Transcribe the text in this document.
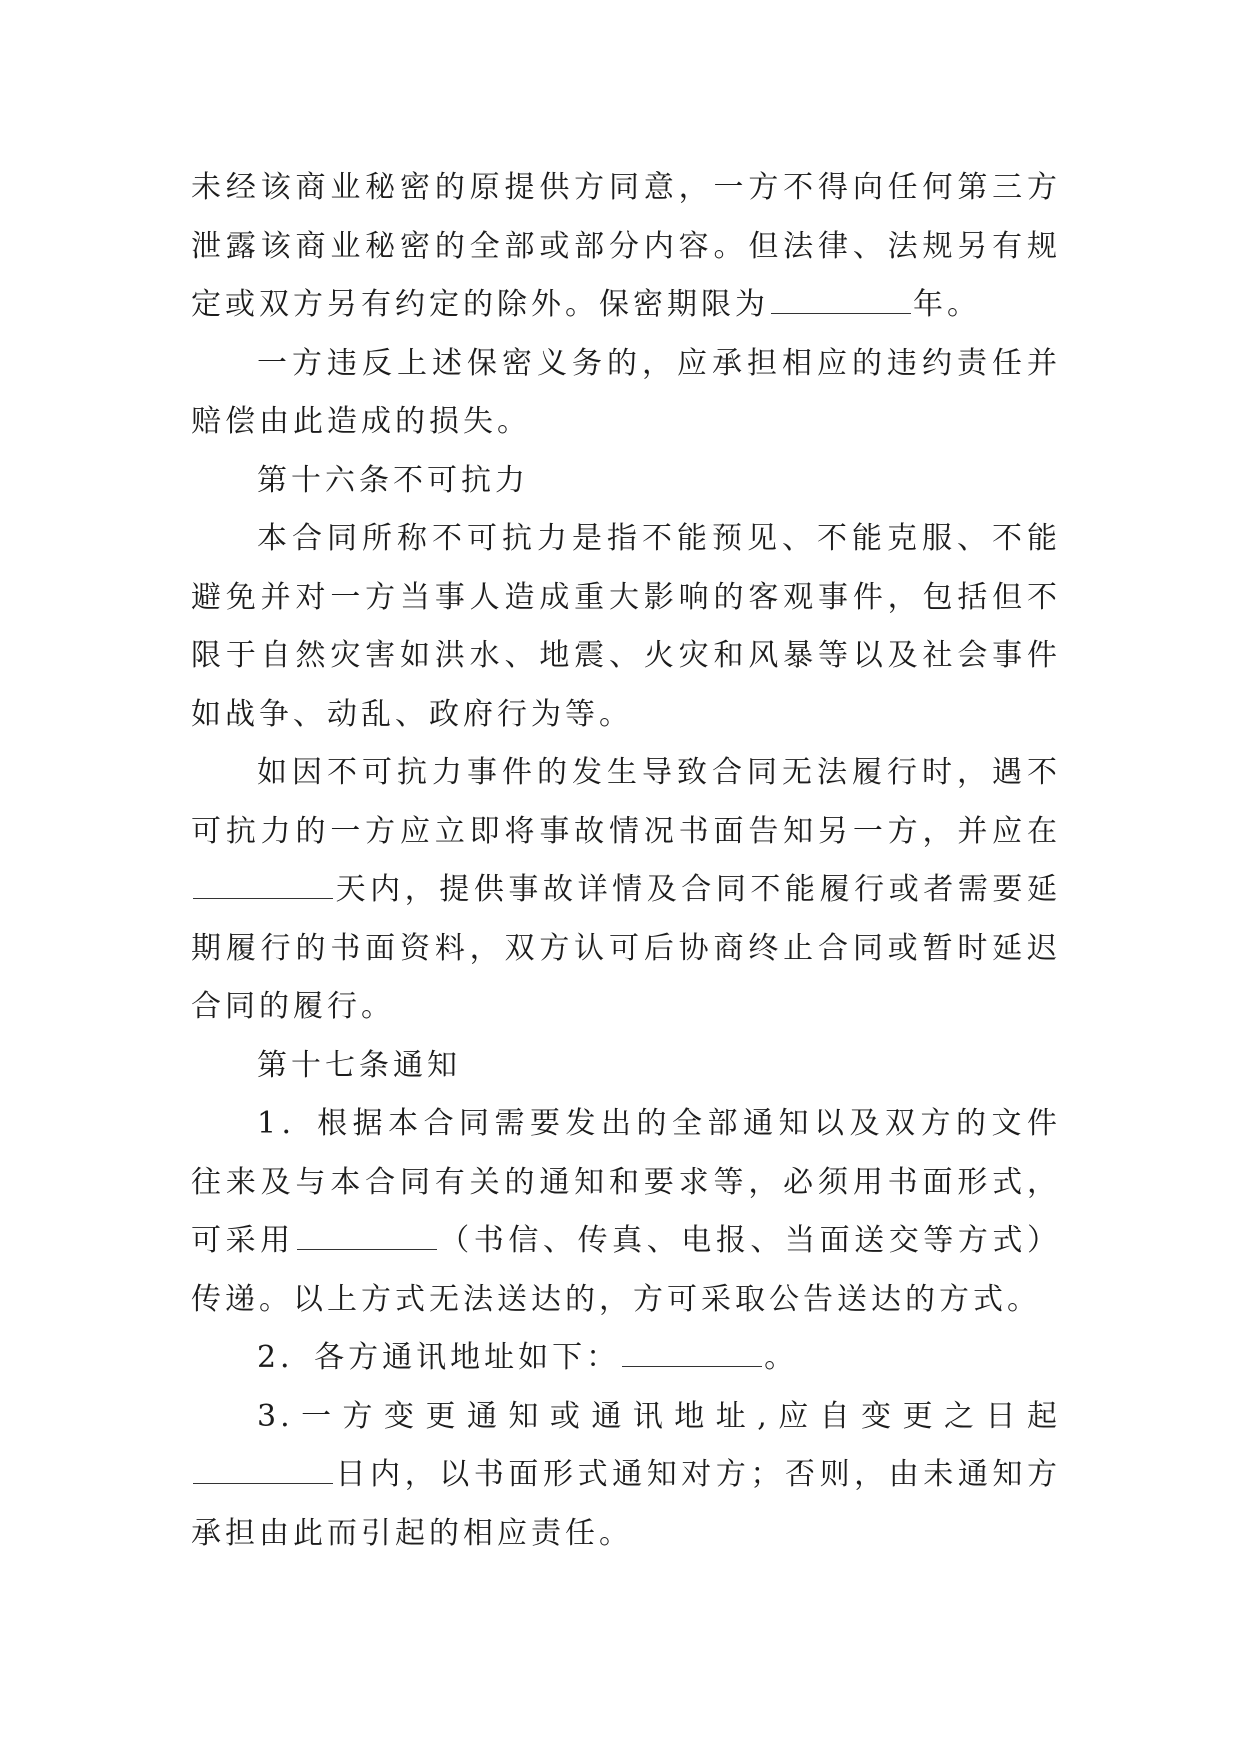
未经该商业秘密的原提供方同意，一方不得向任何第三方泄露该商业秘密的全部或部分内容。但法律、法规另有规定或双方另有约定的除外。保密期限为	年。

一方违反上述保密义务的，应承担相应的违约责任并赔偿由此造成的损失。

第十六条不可抗力

本合同所称不可抗力是指不能预见、不能克服、不能避免并对一方当事人造成重大影响的客观事件，包括但不限于自然灾害如洪水、地震、火灾和风暴等以及社会事件如战争、动乱、政府行为等。

如因不可抗力事件的发生导致合同无法履行时，遇不可抗力的一方应立即将事故情况书面告知另一方，并应在天内，提供事故详情及合同不能履行或者需要延期履行的书面资料，双方认可后协商终止合同或暂时延迟合同的履行。

第十七条通知

1．根据本合同需要发出的全部通知以及双方的文件往来及与本合同有关的通知和要求等，必须用书面形式，可采用	（书信、传真、电报、当面送交等方式）传递。以上方式无法送达的，方可采取公告送达的方式。

2．各方通讯地址如下：	。

3.一方变更通知或通讯地址,应自变更之日起日内，以书面形式通知对方；否则，由未通知方承担由此而引起的相应责任。
